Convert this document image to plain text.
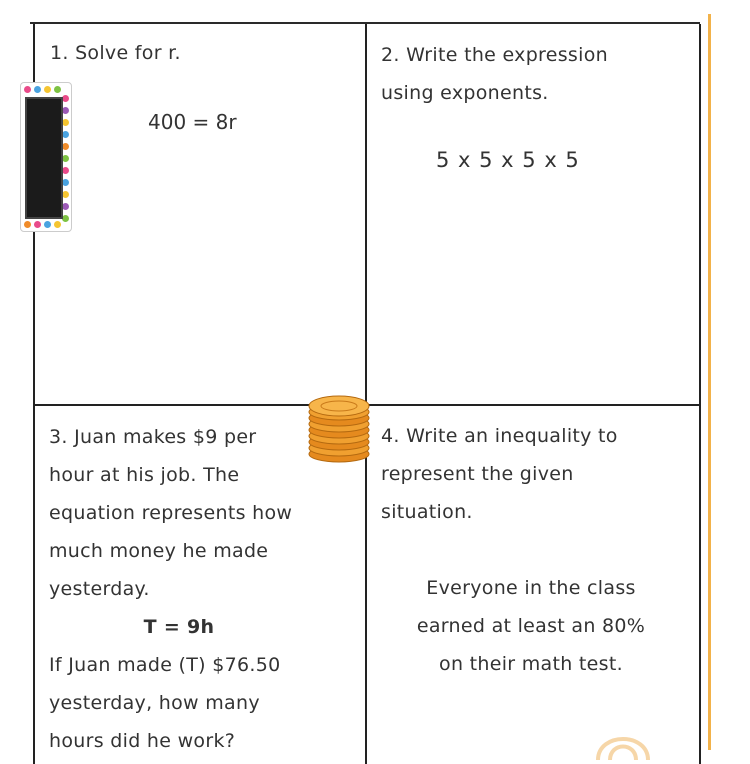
1. Solve for r.
400 = 8r
2. Write the expression
using exponents.
5 x 5 x 5 x 5
3. Juan makes $9 per
hour at his job. The
equation represents how
much money he made
yesterday.
T = 9h
If Juan made (T) $76.50
yesterday, how many
hours did he work?
4. Write an inequality to
represent the given
situation.
Everyone in the class
earned at least an 80%
on their math test.
